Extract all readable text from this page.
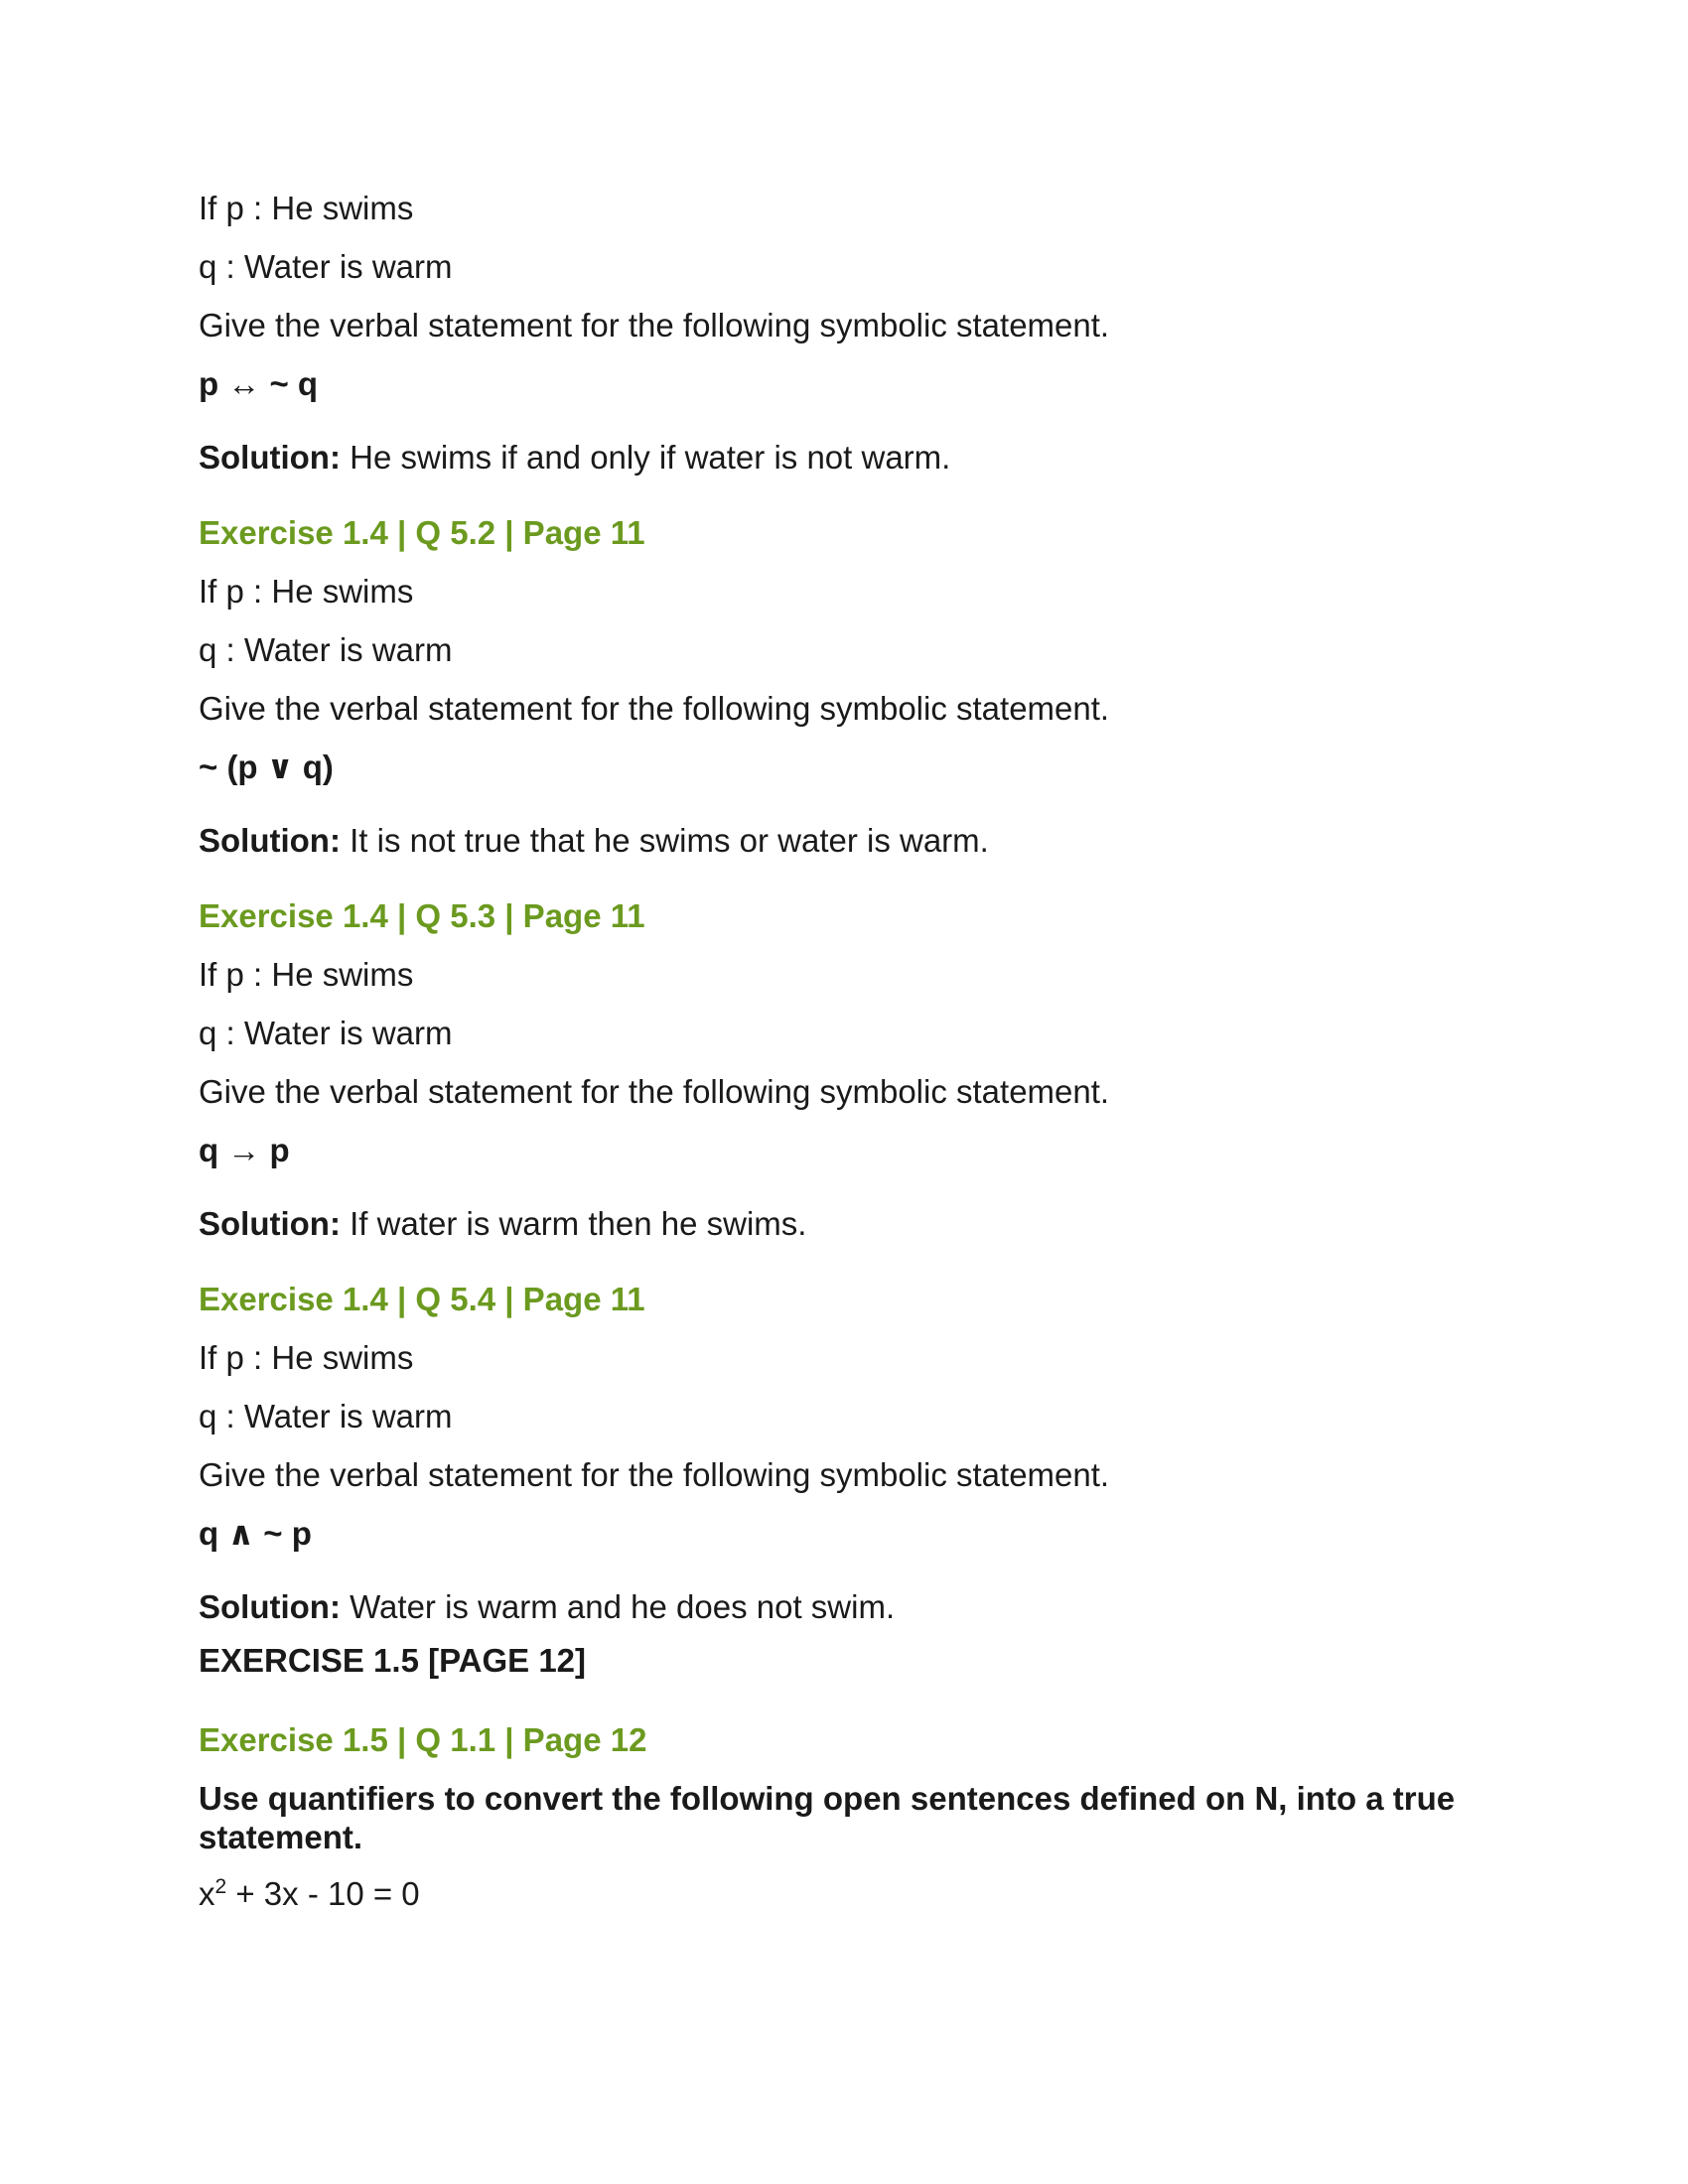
If p : He swims
q : Water is warm
Give the verbal statement for the following symbolic statement.
p ↔ ~ q
Solution: He swims if and only if water is not warm.
Exercise 1.4 | Q 5.2 | Page 11
If p : He swims
q : Water is warm
Give the verbal statement for the following symbolic statement.
~ (p ∨ q)
Solution: It is not true that he swims or water is warm.
Exercise 1.4 | Q 5.3 | Page 11
If p : He swims
q : Water is warm
Give the verbal statement for the following symbolic statement.
q → p
Solution: If water is warm then he swims.
Exercise 1.4 | Q 5.4 | Page 11
If p : He swims
q : Water is warm
Give the verbal statement for the following symbolic statement.
q ∧ ~ p
Solution: Water is warm and he does not swim.
EXERCISE 1.5 [PAGE 12]
Exercise 1.5 | Q 1.1 | Page 12
Use quantifiers to convert the following open sentences defined on N, into a true statement.
$x^2 + 3x - 10 = 0$
